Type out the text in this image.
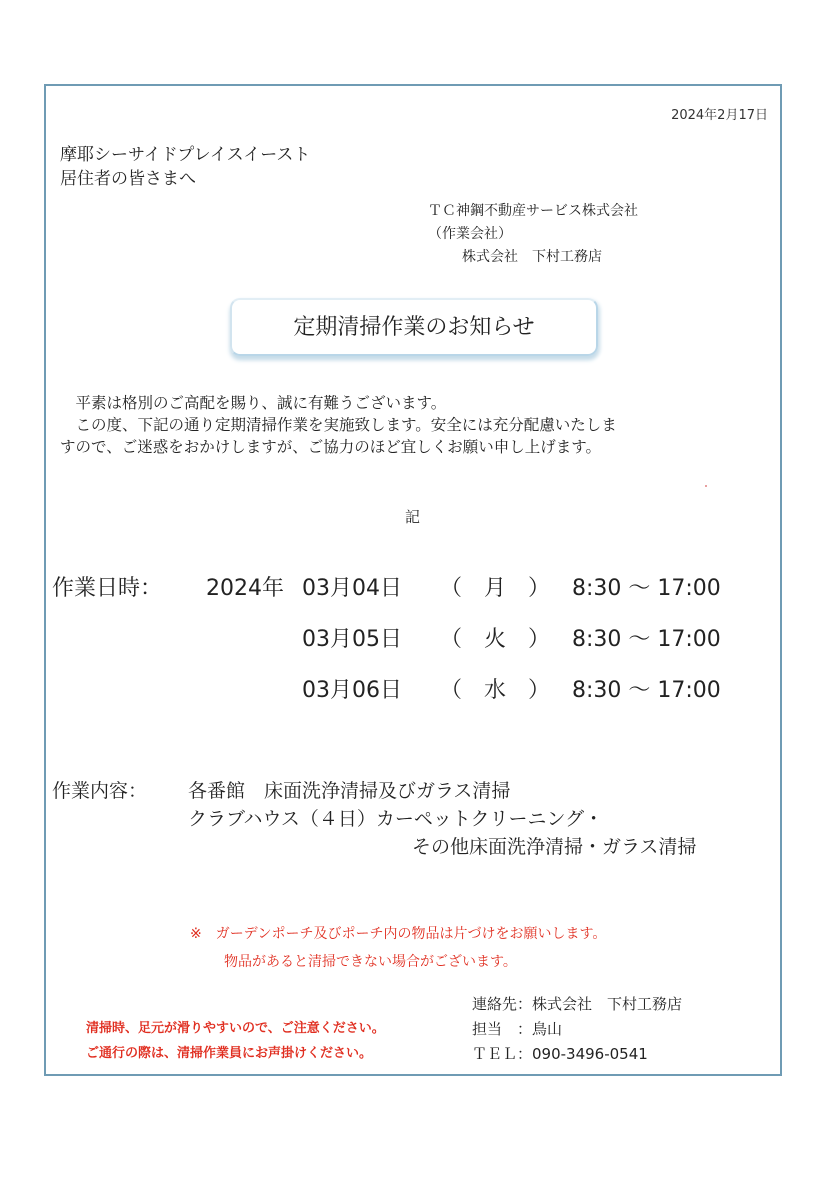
2024年2月17日
摩耶シーサイドプレイスイースト
居住者の皆さまへ
ＴＣ神鋼不動産サービス株式会社
（作業会社）
株式会社　下村工務店
定期清掃作業のお知らせ
　平素は格別のご高配を賜り、誠に有難うございます。
　この度、下記の通り定期清掃作業を実施致します。安全には充分配慮いたしま
すので、ご迷惑をおかけしますが、ご協力のほど宜しくお願い申し上げます。
記
作業日時： 2024年 03月04日 （　月　） 8:30 ～ 17:00
03月05日 （　火　） 8:30 ～ 17:00
03月06日 （　水　） 8:30 ～ 17:00
作業内容： 各番館　床面洗浄清掃及びガラス清掃
クラブハウス（４日）カーペットクリーニング・
その他床面洗浄清掃・ガラス清掃
※　ガーデンポーチ及びポーチ内の物品は片づけをお願いします。
物品があると清掃できない場合がございます。
清掃時、足元が滑りやすいので、ご注意ください。
ご通行の際は、清掃作業員にお声掛けください。
連絡先：株式会社　下村工務店
担当　：鳥山
ＴＥＬ：090-3496-0541
